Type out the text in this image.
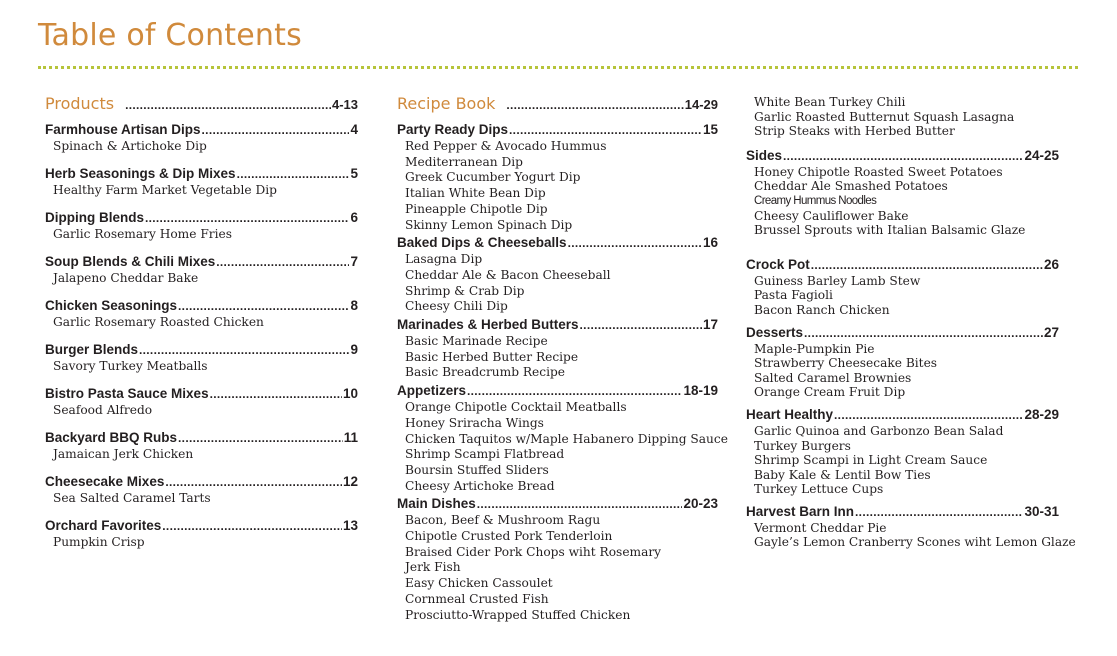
Table of Contents
Products .....	4-13
Farmhouse Artisan Dips .....	4
Spinach & Artichoke Dip
Herb Seasonings & Dip Mixes .....	5
Healthy Farm Market Vegetable Dip
Dipping Blends .....	6
Garlic Rosemary Home Fries
Soup Blends & Chili Mixes .....	7
Jalapeno Cheddar Bake
Chicken Seasonings .....	8
Garlic Rosemary Roasted Chicken
Burger Blends .....	9
Savory Turkey Meatballs
Bistro Pasta Sauce Mixes .....	10
Seafood Alfredo
Backyard BBQ Rubs .....	11
Jamaican Jerk Chicken
Cheesecake Mixes .....	12
Sea Salted Caramel Tarts
Orchard Favorites .....	13
Pumpkin Crisp
Recipe Book .....	14-29
Party Ready Dips .....	15
Red Pepper & Avocado Hummus
Mediterranean Dip
Greek Cucumber Yogurt Dip
Italian White Bean Dip
Pineapple Chipotle Dip
Skinny Lemon Spinach Dip
Baked Dips & Cheeseballs .....	16
Lasagna Dip
Cheddar Ale & Bacon Cheeseball
Shrimp & Crab Dip
Cheesy Chili Dip
Marinades & Herbed Butters .....	17
Basic Marinade Recipe
Basic Herbed Butter Recipe
Basic Breadcrumb Recipe
Appetizers .....	18-19
Orange Chipotle Cocktail Meatballs
Honey Sriracha Wings
Chicken Taquitos w/Maple Habanero Dipping Sauce
Shrimp Scampi Flatbread
Boursin Stuffed Sliders
Cheesy Artichoke Bread
Main Dishes .....	20-23
Bacon, Beef & Mushroom Ragu
Chipotle Crusted Pork Tenderloin
Braised Cider Pork Chops wiht Rosemary
Jerk Fish
Easy Chicken Cassoulet
Cornmeal Crusted Fish
Prosciutto-Wrapped Stuffed Chicken
White Bean Turkey Chili
Garlic Roasted Butternut Squash Lasagna
Strip Steaks with Herbed Butter
Sides .....	24-25
Honey Chipotle Roasted Sweet Potatoes
Cheddar Ale Smashed Potatoes
Creamy Hummus Noodles
Cheesy Cauliflower Bake
Brussel Sprouts with Italian Balsamic Glaze
Crock Pot .....	26
Guiness Barley Lamb Stew
Pasta Fagioli
Bacon Ranch Chicken
Desserts .....	27
Maple-Pumpkin Pie
Strawberry Cheesecake Bites
Salted Caramel Brownies
Orange Cream Fruit Dip
Heart Healthy .....	28-29
Garlic Quinoa and Garbonzo Bean Salad
Turkey Burgers
Shrimp Scampi in Light Cream Sauce
Baby Kale & Lentil Bow Ties
Turkey Lettuce Cups
Harvest Barn Inn .....	30-31
Vermont Cheddar Pie
Gayle’s Lemon Cranberry Scones wiht Lemon Glaze
